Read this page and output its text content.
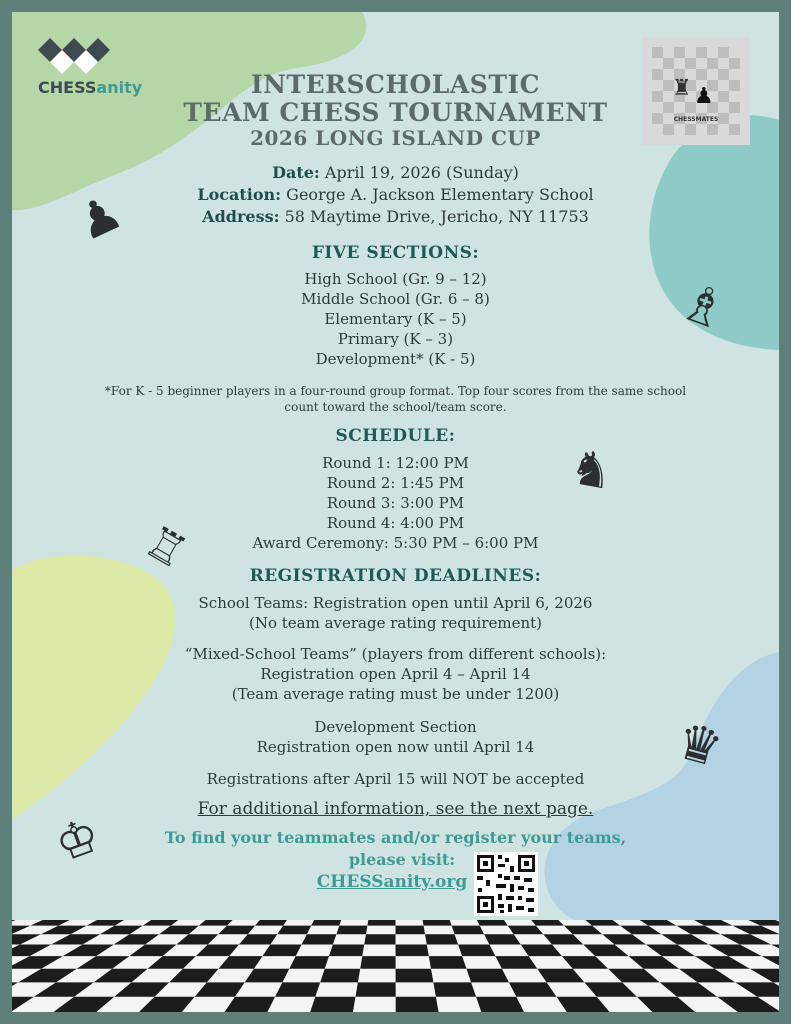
CHESSanity	♜ ♟
CHESSMATES
INTERSCHOLASTIC
TEAM CHESS TOURNAMENT
2026 LONG ISLAND CUP
Date: April 19, 2026 (Sunday)
Location: George A. Jackson Elementary School
Address: 58 Maytime Drive, Jericho, NY 11753
FIVE SECTIONS:
High School (Gr. 9 – 12)
Middle School (Gr. 6 – 8)
Elementary (K – 5)
Primary (K – 3)
Development* (K - 5)
*For K - 5 beginner players in a four-round group format. Top four scores from the same school
count toward the school/team score.
SCHEDULE:
Round 1: 12:00 PM
Round 2: 1:45 PM
Round 3: 3:00 PM
Round 4: 4:00 PM
Award Ceremony: 5:30 PM – 6:00 PM
REGISTRATION DEADLINES:
School Teams: Registration open until April 6, 2026
(No team average rating requirement)
“Mixed-School Teams” (players from different schools):
Registration open April 4 – April 14
(Team average rating must be under 1200)
Development Section
Registration open now until April 14
Registrations after April 15 will NOT be accepted
For additional information, see the next page.
To find your teammates and/or register your teams,
please visit:
CHESSanity.org
♟
♗
♞
♖
♛
♔
